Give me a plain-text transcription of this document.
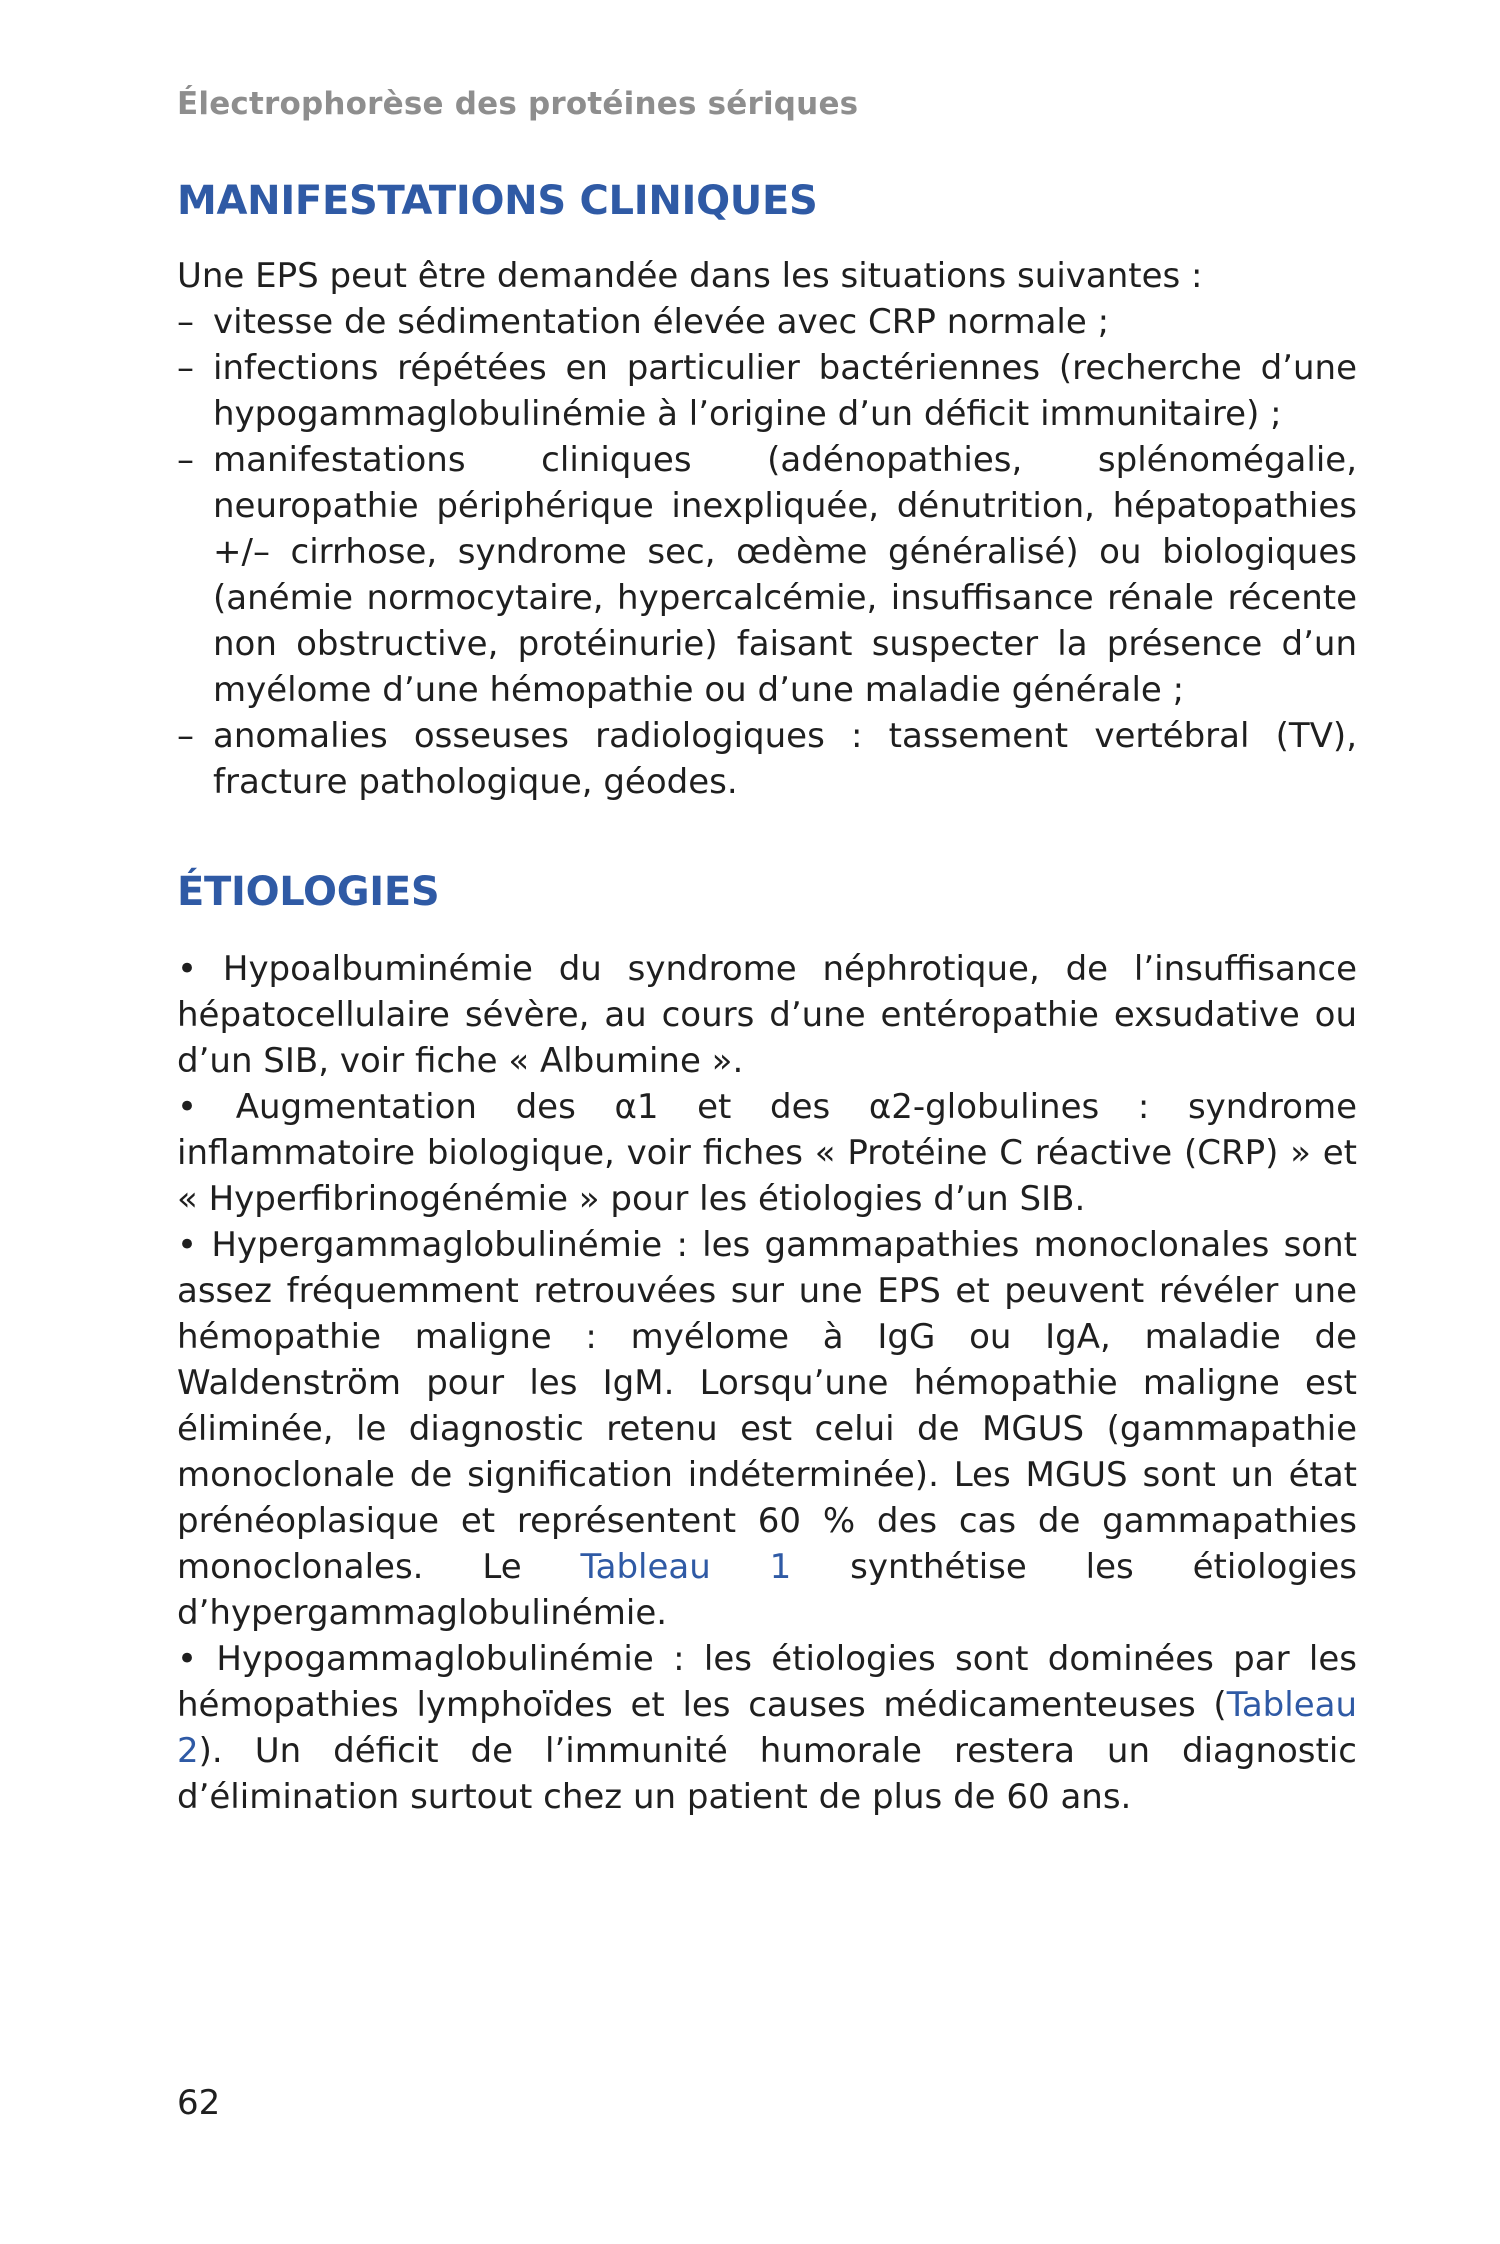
Électrophorèse des protéines sériques
MANIFESTATIONS CLINIQUES

Une EPS peut être demandée dans les situations suivantes :

– vitesse de sédimentation élevée avec CRP normale ;
– infections répétées en particulier bactériennes (recherche d’une hypogammaglobulinémie à l’origine d’un déficit immunitaire) ;
– manifestations cliniques (adénopathies, splénomégalie, neuropathie périphérique inexpliquée, dénutrition, hépatopathies +/– cirrhose, syndrome sec, œdème généralisé) ou biologiques (anémie normocytaire, hypercalcémie, insuffisance rénale récente non obstructive, protéinurie) faisant suspecter la présence d’un myélome d’une hémopathie ou d’une maladie générale ;
– anomalies osseuses radiologiques : tassement vertébral (TV), fracture pathologique, géodes.
ÉTIOLOGIES

• Hypoalbuminémie du syndrome néphrotique, de l’insuffisance hépatocellulaire sévère, au cours d’une entéropathie exsudative ou d’un SIB, voir fiche « Albumine ».

• Augmentation des α1 et des α2-globulines : syndrome inflammatoire biologique, voir fiches « Protéine C réactive (CRP) » et « Hyperfibrinogénémie » pour les étiologies d’un SIB.

• Hypergammaglobulinémie : les gammapathies monoclonales sont assez fréquemment retrouvées sur une EPS et peuvent révéler une hémopathie maligne : myélome à IgG ou IgA, maladie de Waldenström pour les IgM. Lorsqu’une hémopathie maligne est éliminée, le diagnostic retenu est celui de MGUS (gammapathie monoclonale de signification indéterminée). Les MGUS sont un état prénéoplasique et représentent 60 % des cas de gammapathies monoclonales. Le Tableau 1 synthétise les étiologies d’hypergammaglobulinémie.

• Hypogammaglobulinémie : les étiologies sont dominées par les hémopathies lymphoïdes et les causes médicamenteuses (Tableau 2). Un déficit de l’immunité humorale restera un diagnostic d’élimination surtout chez un patient de plus de 60 ans.

62
